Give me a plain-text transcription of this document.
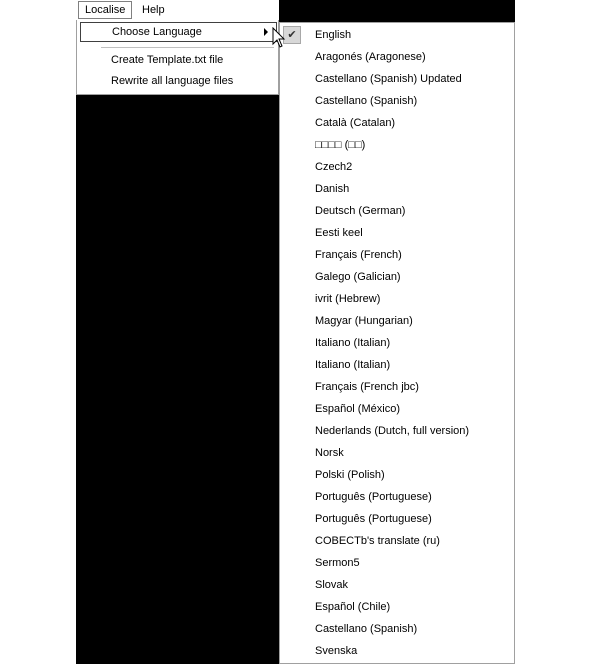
Localise	Help
Choose Language
Create Template.txt file
Rewrite all language files
✔	English
Aragonés (Aragonese)
Castellano (Spanish) Updated
Castellano (Spanish)
Català (Catalan)
□□□□ (□□)
Czech2
Danish
Deutsch (German)
Eesti keel
Français (French)
Galego (Galician)
ivrit (Hebrew)
Magyar (Hungarian)
Italiano (Italian)
Italiano (Italian)
Français (French jbc)
Español (México)
Nederlands (Dutch, full version)
Norsk
Polski (Polish)
Português (Portuguese)
Português (Portuguese)
COBECTb's translate (ru)
Sermon5
Slovak
Español (Chile)
Castellano (Spanish)
Svenska
